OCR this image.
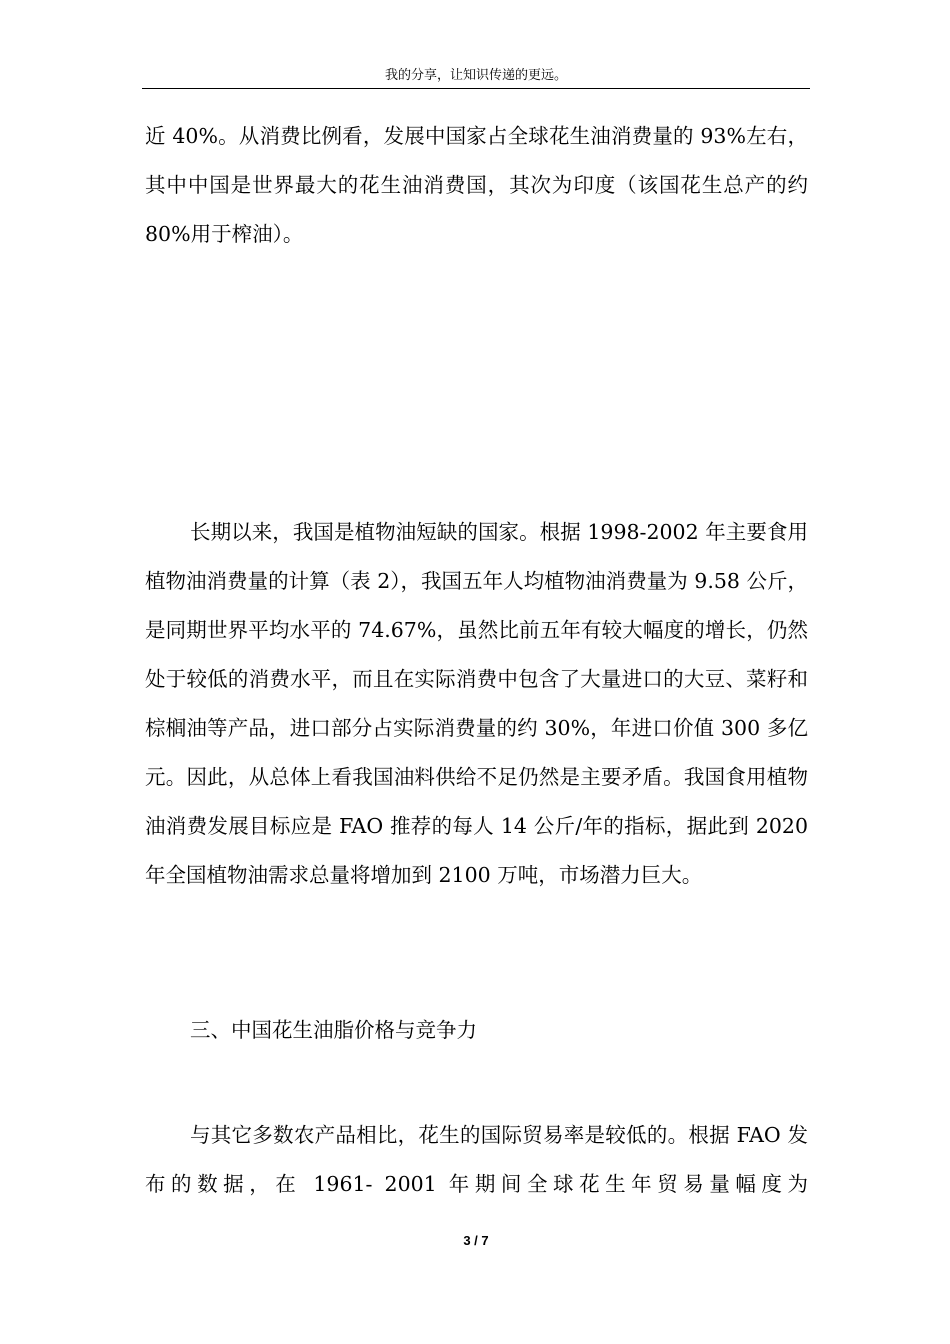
我的分享，让知识传递的更远。

近 40%。从消费比例看，发展中国家占全球花生油消费量的 93%左右，其中中国是世界最大的花生油消费国，其次为印度（该国花生总产的约 80%用于榨油）。

长期以来，我国是植物油短缺的国家。根据 1998-2002 年主要食用植物油消费量的计算（表 2），我国五年人均植物油消费量为 9.58 公斤，是同期世界平均水平的 74.67%，虽然比前五年有较大幅度的增长，仍然处于较低的消费水平，而且在实际消费中包含了大量进口的大豆、菜籽和棕榈油等产品，进口部分占实际消费量的约 30%，年进口价值 300 多亿元。因此，从总体上看我国油料供给不足仍然是主要矛盾。我国食用植物油消费发展目标应是 FAO 推荐的每人 14 公斤/年的指标，据此到 2020 年全国植物油需求总量将增加到 2100 万吨，市场潜力巨大。

三、中国花生油脂价格与竞争力

与其它多数农产品相比，花生的国际贸易率是较低的。根据 FAO 发布的数据，在 1961- 2001 年期间全球花生年贸易量幅度为

3 / 7
